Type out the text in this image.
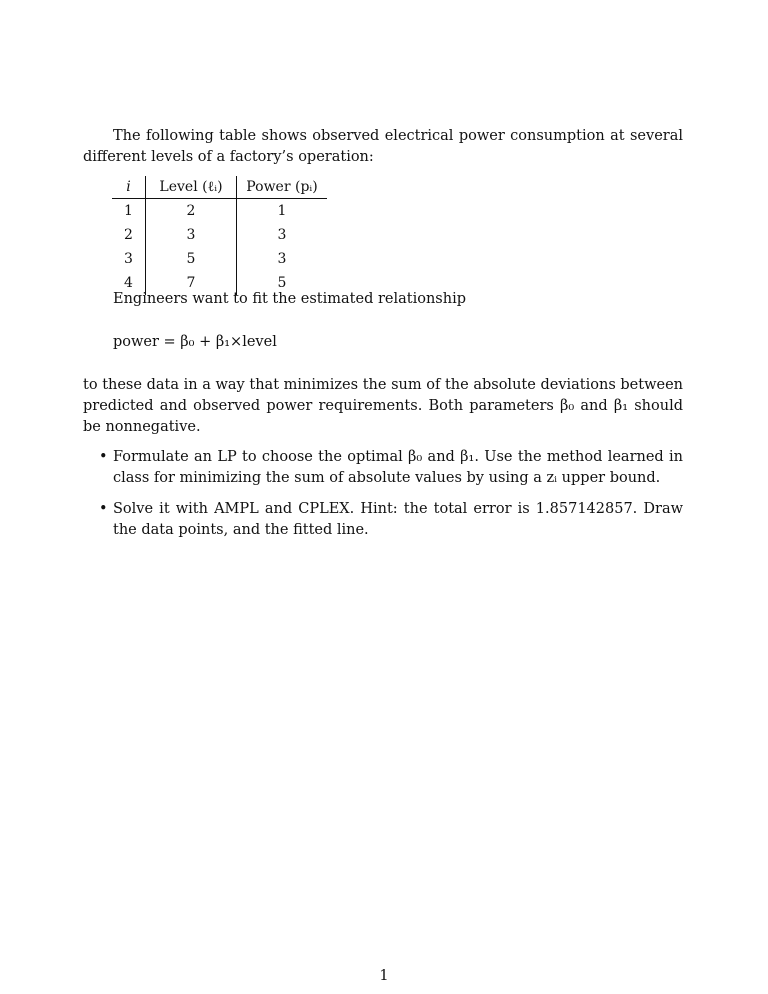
The following table shows observed electrical power consumption at several different levels of a factory’s operation:

i	Level (ℓᵢ)	Power (pᵢ)
1	2	1
2	3	3
3	5	3
4	7	5

Engineers want to fit the estimated relationship

power = β₀ + β₁×level

to these data in a way that minimizes the sum of the absolute deviations between predicted and observed power requirements. Both parameters β₀ and β₁ should be nonnegative.

• Formulate an LP to choose the optimal β₀ and β₁. Use the method learned in class for minimizing the sum of absolute values by using a zᵢ upper bound.
• Solve it with AMPL and CPLEX. Hint: the total error is 1.857142857. Draw the data points, and the fitted line.
1
